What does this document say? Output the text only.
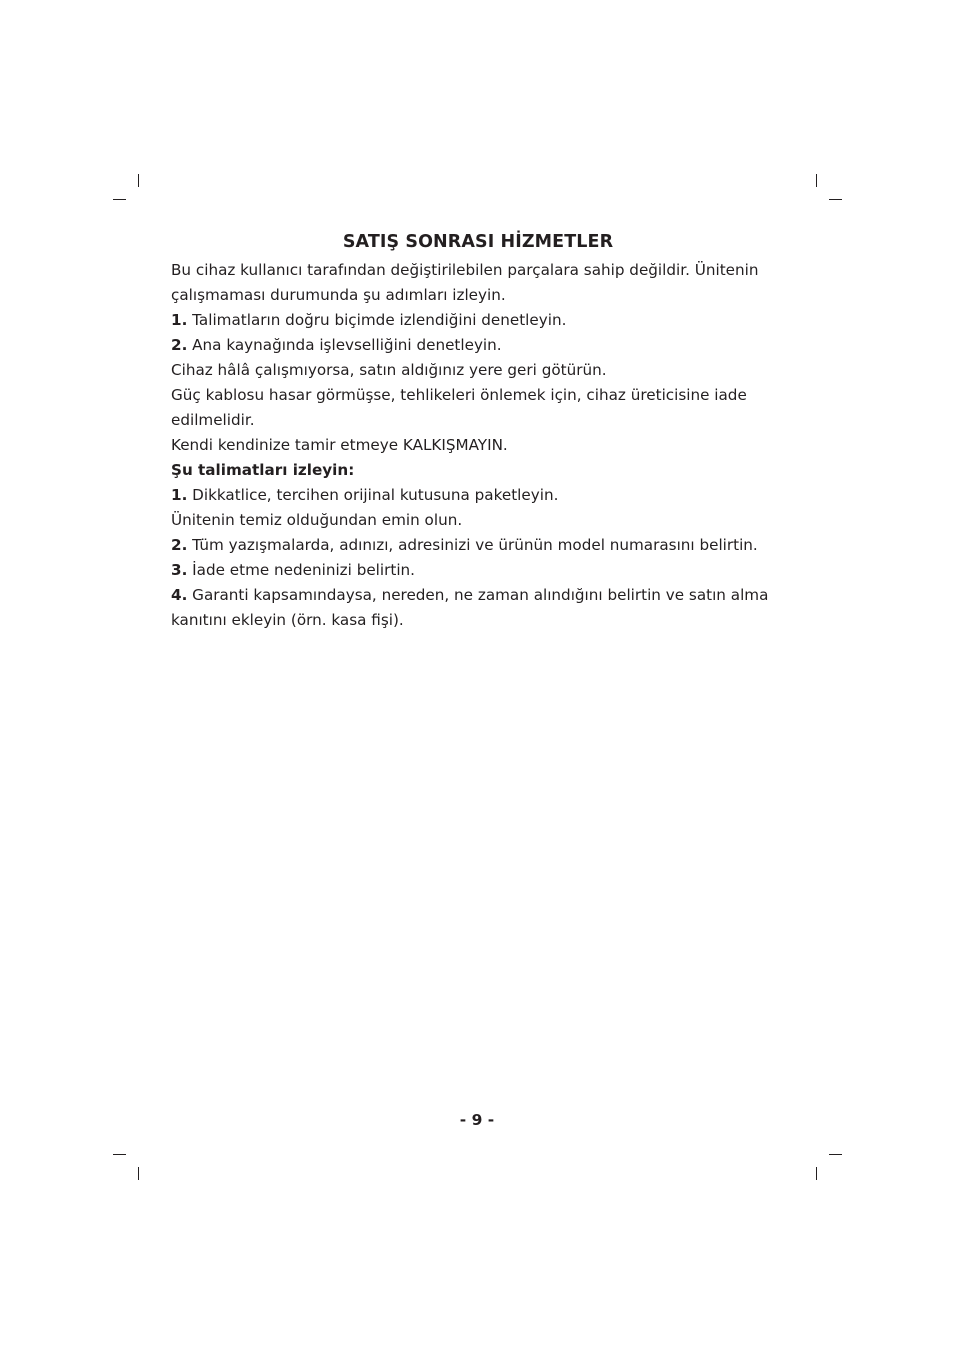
SATIŞ SONRASI HİZMETLER

Bu cihaz kullanıcı tarafından değiştirilebilen parçalara sahip değildir. Ünitenin çalışmaması durumunda şu adımları izleyin.

1. Talimatların doğru biçimde izlendiğini denetleyin.

2. Ana kaynağında işlevselliğini denetleyin.

Cihaz hâlâ çalışmıyorsa, satın aldığınız yere geri götürün.

Güç kablosu hasar görmüşse, tehlikeleri önlemek için, cihaz üreticisine iade edilmelidir.

Kendi kendinize tamir etmeye KALKIŞMAYIN.

Şu talimatları izleyin:

1. Dikkatlice, tercihen orijinal kutusuna paketleyin.

Ünitenin temiz olduğundan emin olun.

2. Tüm yazışmalarda, adınızı, adresinizi ve ürünün model numarasını belirtin.

3. İade etme nedeninizi belirtin.

4. Garanti kapsamındaysa, nereden, ne zaman alındığını belirtin ve satın alma kanıtını ekleyin (örn. kasa fişi).

- 9 -
